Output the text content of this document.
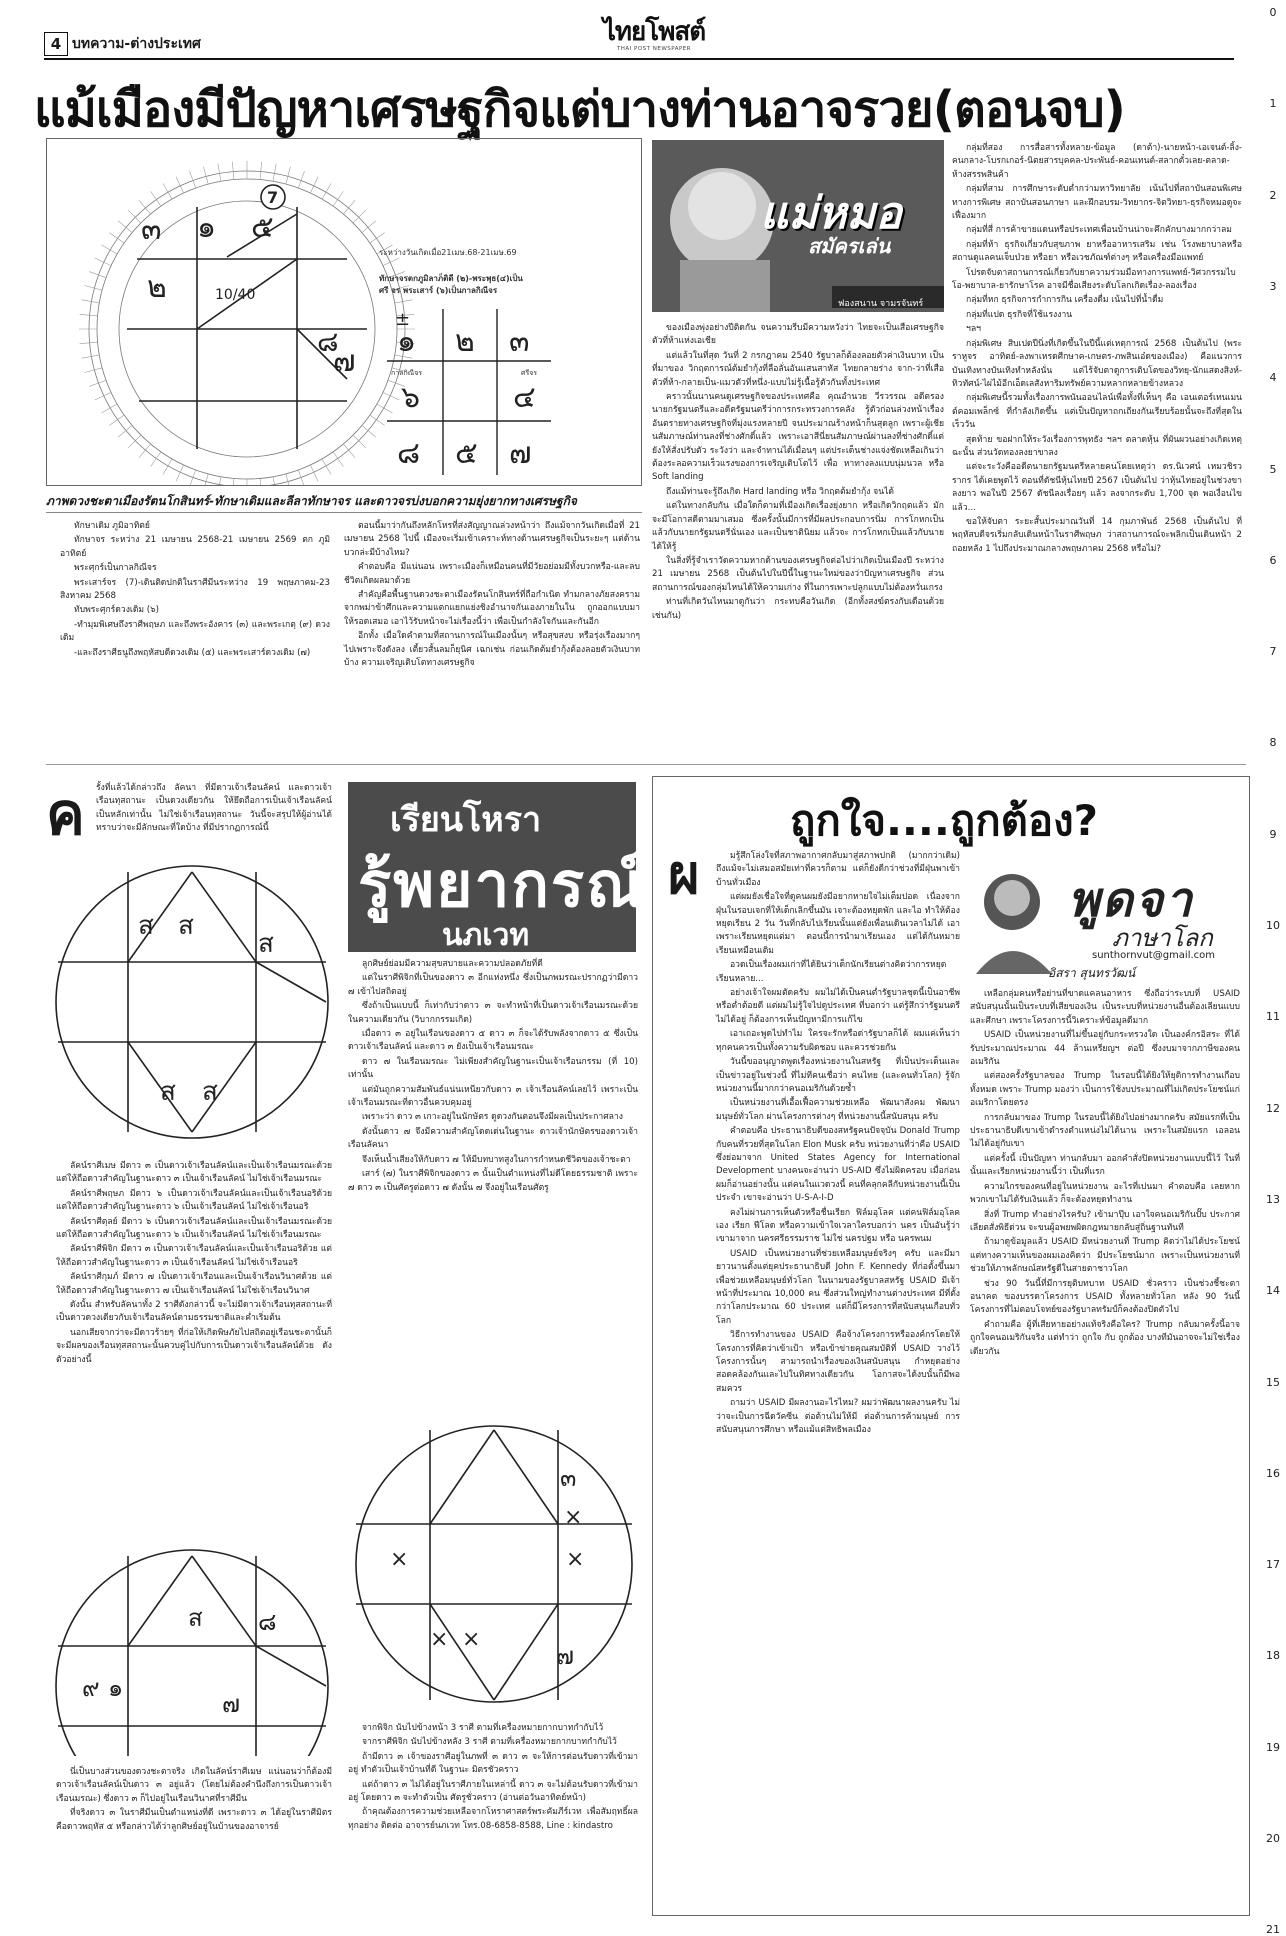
4 บทความ-ต่างประเทศ	ไทยโพสต์
THAI POST NEWSPAPER
แม้เมืองมีปัญหาเศรษฐกิจแต่บางท่านอาจรวย(ตอนจบ)
0
1
2
3
4
5
6
7
8
9
10
11
12
13
14
15
16
17
18
19
20
21
7
๓ ๑ ๕
๒	10/40
๗
๘
ระหว่างวันเกิดเมื่อ21เมษ.68-21เมษ.69
ทักษาจรตกภูมิลาภ็ติดี (๒)-พระพุธ(๔)เป็น
ศรี จร พระเสาร์ (๖)เป็นกาลกิณีจร
±
๑ ๒ ๓
กาลกิณีจร
๖
ศรีจร
๔
๘ ๕ ๗
ภาพดวงชะตาเมืองรัตนโกสินทร์-ทักษาเดิมและลีลาทักษาจร และดาวจรบ่งบอกความยุ่งยากทางเศรษฐกิจ

ทักษาเดิม ภูมิอาทิตย์

ทักษาจร ระหว่าง 21 เมษายน 2568-21 เมษายน 2569 ตก ภูมิอาทิตย์

พระศุกร์เป็นกาลกิณีจร

พระเสาร์จร (7)-เดินติดปกติในราศีมีนระหว่าง 19 พฤษภาคม-23 สิงหาคม 2568

ทับพระศุกร์ดวงเดิม (๖)

-ทำมุมพิเศษถึงราศีพฤษภ และถึงพระอังคาร (๓) และพระเกตุ (๙) ดวงเดิม

-และถึงราศีธนูถึงพฤหัสบดีดวงเดิม (๕) และพระเสาร์ดวงเดิม (๗)

ตอนนี้มาว่ากันถึงหลักโหรที่ส่งสัญญาณล่วงหน้าว่า ถึงแม้จากวันเกิดเมื่อที่ 21 เมษายน 2568 ไปนี้ เมืองจะเริ่มเข้าเคราะห์ทางด้านเศรษฐกิจเป็นระยะๆ แต่ด้านบวกล่ะมีบ้างไหม?

คำตอบคือ มีแน่นอน เพราะเมืองก็เหมือนคนที่มีวัยอย่อมมีทั้งบวกหรือ-และลบชีวิตเกิดผลมาด้วย

สำคัญคือพื้นฐานดวงชะตาเมืองรัตนโกสินทร์ที่ถือกำเนิด ทำมกลางภัยสงครามจากพม่าข้าศึกและความแตกแยกแย่งชิงอำนาจกันเองภายในใน ถูกออกแบบมาให้รอดเสมอ เอาไว้รับหน้าจะไม่เรื่องนี้ว่า เพื่อเป็นกำลังใจกันและกันอีก

อีกทั้ง เมื่อใดคำตามที่สถานการณ์ในเมืองนั้นๆ หรือสุขสงบ หรือรุ่งเรืองมากๆ ไปเพราะจึงดังลง เตี้ยวสั้นลมก็ยุนิศ เฉกเช่น ก่อนเกิดต้มยำกุ้งต้องลอยตัวเงินบาทบ้าง ความเจริญเติบโตทางเศรษฐกิจ

แม่หมอ
สมัครเล่น
ฟองสนาน จามรจันทร์

ของเมืองพุ่งอย่างปีติดกัน จนความรีบมีความหวังว่า ไทยจะเป็นเสือเศรษฐกิจตัวที่ห้าแห่งเอเชีย

แต่แล้วในที่สุด วันที่ 2 กรกฎาคม 2540 รัฐบาลก็ต้องลอยตัวค่าเงินบาท เป็นที่มาของ วิกฤตการณ์ต้มยำกุ้งที่ลือลั่นอันแสนสาหัส ไทยกลายร่าง จาก-ว่าที่เสือตัวที่ห้า-กลายเป็น-แมวตัวที่หนึ่ง-แบบไม่รู้เนื้อรู้ตัวกันทั้งประเทศ

คราวนั้นนานคนดูเศรษฐกิจของประเทศคือ คุณอำนวย วีรวรรณ อดีตรองนายกรัฐมนตรีและอดีตรัฐมนตรีว่าการกระทรวงการคลัง รู้ตัวก่อนล่วงหน้าเรื่องอันตรายทางเศรษฐกิจที่มุ่งแรงหลายปี จนประมาณร้างหน้าก็นสุดลูก เพราะผู้เชียนสัมภาษณ์ท่านลงที่ช่างศักดิ์แล้ว เพราะเอาสีนี่ยนสัมภาษณ์ผ่านลงที่ช่างศักดิ์แต่ยังให้สั่งปรับตัว ระวังว่า และจำทานได้เมื่อนๆ แต่ประเด็นช่างแจ่งชัดเหลือเกินว่า ต้องระลอความเร็วแรงของการเจริญเติบโตไว้ เพื่อ หาทางลงแบบนุ่มนวล หรือ Soft landing

ถึงแม้ท่านจะรู้ถึงเกิด Hard landing หรือ วิกฤตต้มยำกุ้ง จนได้

แต่ในทางกลับกัน เมื่อใดก็ตามที่เมืองเกิดเรื่องยุ่งยาก หรือเกิดวิกฤตแล้ว มักจะมีโอกาสดีตามมาเสมอ ซึ่งครั้งนั้นมีการที่มีผลประกอบการนิ่ม การโกหกเป็นแล้วกับนายกรัฐมนตรีนั่นเอง และเป็นชาตินิยม แล้วจะ การโกหกเป็นแล้วกับนาย ได้ให้รู้

ในสิ่งที่รู้จำเราวัดความหากด้านของเศรษฐกิจต่อไปว่าเกิดเป็นเมืองปี ระหว่าง 21 เมษายน 2568 เป็นต้นไปในปีนี้ในฐานะใหม่ของว่าปัญหาเศรษฐกิจ ส่วนสถานการณ์ของกลุ่มไหนได้ให้ความเก่าง ที่ในการเพาะปลูกแบบไม่ต้องหวั่นเกรง

ท่านที่เกิดวันไหนมาดูกันว่า กระทบคือวันเกิด (อีกทั้งสงฆ์ตรงกับเดือนด้วยเช่นกัน)

กลุ่มที่สอง การสื่อสารทั้งหลาย-ข้อมูล (ดาต้า)-นายหน้า-เอเจนต์-ลิ้ง-คนกลาง-โบรกเกอร์-นิตยสารบุคคล-ประพันธ์-คอนเทนต์-สลากตั๋วเลย-ตลาด-ห้างสรรพสินค้า

กลุ่มที่สาม การศึกษาระดับต่ำกว่ามหาวิทยาลัย เน้นไปที่สถาบันสอนพิเศษทางการพิเศษ สถาบันสอนภาษา และฝึกอบรม-วิทยากร-จิตวิทยา-ธุรกิจหมอดูจะเฟื่องมาก

กลุ่มที่สี่ การค้าขายแดนหรือประเทศเพื่อนบ้านน่าจะคึกคักบางมากกว่าลม

กลุ่มที่ห้า ธุรกิจเกี่ยวกับสุขภาพ ยาหรืออาหารเสริม เช่น โรงพยาบาลหรือสถานดูแลคนเจ็บป่วย หรือยา หรือเวชภัณฑ์ต่างๆ หรือเครื่องมือแพทย์

โปรดจับตาสถานการณ์เกี่ยวกับยาความร่วมมือทางการแพทย์-วิศวกรรมไบโอ-พยาบาล-ยารักษาโรค อาจมีชื่อเสียงระดับโลกเกิดเรื่อง-ลองเรื่อง

กลุ่มที่หก ธุรกิจการกำการกิน เครื่องดื่ม เน้นไปที่น้ำดื่ม

กลุ่มที่แปด ธุรกิจที่ใช้แรงงาน

ฯลฯ

กลุ่มพิเศษ สิบเปดปีนิ่งที่เกิดขึ้นในปีนี้แต่เหตุการณ์ 2568 เป็นต้นไป (พระราหูจร อาทิตย์-ลงพาเหรดศีกษาค-เกษตร-ภพสินเอ๋ดของเมือง) คือแนวการบันเทิงทางบันเทิงทำหลังนั่น แต่ไร้จับตาดูการเติบโตของวิทยุ-นักแสดงสิงห์-ทิวทัศน์-ไผ่ไม้อีกเอ็ดเลสังหาริมทรัพย์ความหลากหลายข้างหลวง

กลุ่มพิเศษนี้รวมทั้งเรื่องการพนันออนไลน์เพื่อทั้งที่เห็นๆ คือ เอนเตอร์เทนเมนต์คอมเพล็กซ์ ที่กำลังเกิดขึ้น แต่เป็นปัญหาถกเถียงกันเรียบร้อยนั้นจะถึงที่สุดในเร็ววัน

สุดท้าย ขอฝากให้ระวังเรื่องการพุทธัง ฯลฯ ตลาดหุ้น ที่ผันผวนอย่างเกิดเหตุ ฉะนั้น ส่วนวัดทองลงยาขาลง

แต่จะระวังคืออดีตนายกรัฐมนตรีหลายคนโดยเหตุว่า ดร.นิเวศน์ เหมวชิรวรากร ได้เคยพูดไว้ ตอนที่ดัชนีหุ้นไทยปี 2567 เป็นต้นไป ว่าหุ้นไทยอยู่ในช่วงขาลงยาว พอในปี 2567 ดัชนีลงเรื่อยๆ แล้ว ลงจากระดับ 1,700 จุด พอเงื่อนไขแล้ว...

ขอให้จับตา ระยะสั้นประมาณวันที่ 14 กุมภาพันธ์ 2568 เป็นต้นไป ที่พฤหัสบดีจรเริ่มกลับเดินหน้าในราศีพฤษภ ว่าสถานการณ์จะพลิกเป็นเดินหน้า 2 ถอยหลัง 1 ไปถึงประมาณกลางพฤษภาคม 2568 หรือไม่?

ค รั้งที่แล้วได้กล่าวถึง ลัคนา ที่มีดาวเจ้าเรือนลัคน์ และดาวเจ้าเรือนทุสถานะ เป็นดวงเดียวกัน ให้ยึดถือการเป็นเจ้าเรือนลัคน์เป็นหลักเท่านั้น ไม่ใช่เจ้าเรือนทุสถานะ วันนี้จะสรุปให้ผู้อ่านได้ทราบว่าจะมีลักษณะที่ใดบ้าง ที่มีปรากฏการณ์นี้	เรียนโหรา
รู้พยากรณ์
นภเวท
ส ส
ส
ส ส

ลัคน์ราศีเมษ มีดาว ๓ เป็นดาวเจ้าเรือนลัคน์และเป็นเจ้าเรือนมรณะด้วย แต่ให้ถือดาวสำคัญในฐานะดาว ๓ เป็นเจ้าเรือนลัคน์ ไม่ใช่เจ้าเรือนมรณะ

ลัคน์ราศีพฤษภ มีดาว ๖ เป็นดาวเจ้าเรือนลัคน์และเป็นเจ้าเรือนอริด้วย แต่ให้ถือดาวสำคัญในฐานะดาว ๖ เป็นเจ้าเรือนลัคน์ ไม่ใช่เจ้าเรือนอริ

ลัคน์ราศีตุลย์ มีดาว ๖ เป็นดาวเจ้าเรือนลัคน์และเป็นเจ้าเรือนมรณะด้วย แต่ให้ถือดาวสำคัญในฐานะดาว ๖ เป็นเจ้าเรือนลัคน์ ไม่ใช่เจ้าเรือนมรณะ

ลัคน์ราศีพิจิก มีดาว ๓ เป็นดาวเจ้าเรือนลัคน์และเป็นเจ้าเรือนอริด้วย แต่ให้ถือดาวสำคัญในฐานะดาว ๓ เป็นเจ้าเรือนลัคน์ ไม่ใช่เจ้าเรือนอริ

ลัคน์ราศีกุมภ์ มีดาว ๗ เป็นดาวเจ้าเรือนและเป็นเจ้าเรือนวินาศด้วย แต่ให้ถือดาวสำคัญในฐานะดาว ๗ เป็นเจ้าเรือนลัคน์ ไม่ใช่เจ้าเรือนวินาศ

ดังนั้น สำหรับลัคนาทั้ง 2 ราศีดังกล่าวนี้ จะไม่มีดาวเจ้าเรือนทุสสถานะที่เป็นดาวดวงเดียวกับเจ้าเรือนลัคน์ตามธรรมชาติและค่ำเริ่มต้น

นอกเสียจากว่าจะมีดาวร้ายๆ ที่ก่อให้เกิดพิษภัยไปสถิตอยู่เรือนชะตานั้นก็จะมีผลของเรือนทุสสถานะนั้นควบคู่ไปกับการเป็นดาวเจ้าเรือนลัคน์ด้วย ดังตัวอย่างนี้

ส
๙ ๑
๗
๘

นี่เป็นบางส่วนของดวงชะตาจริง เกิดในลัคน์ราศีเมษ แน่นอนว่าก็ต้องมีดาวเจ้าเรือนลัคน์เป็นดาว ๓ อยู่แล้ว (โดยไม่ต้องคำนึงถึงการเป็นดาวเจ้าเรือนมรณะ) ซึ่งดาว ๓ ก็ไปอยู่ในเรือนวินาศที่ราศีมีน

ที่จริงดาว ๓ ในราศีมีนเป็นตำแหน่งที่ดี เพราะดาว ๓ ได้อยู่ในราศีมิตร คือดาวพฤหัส ๕ หรือกล่าวได้ว่าลูกศิษย์อยู่ในบ้านของอาจารย์

ลูกศิษย์ย่อมมีความสุขสบายและความปลอดภัยที่ดี

แต่ในราศีพิจิกที่เป็นของดาว ๓ อีกแห่งหนึ่ง ซึ่งเป็นภพมรณะปรากฏว่ามีดาว ๗ เข้าไปสถิตอยู่

ซึ่งถ้าเป็นแบบนี้ ก็เท่ากับว่าดาว ๓ จะทำหน้าที่เป็นดาวเจ้าเรือนมรณะด้วยในความเดียวกัน (วิบากกรรมเกิด)

เมื่อดาว ๓ อยู่ในเรือนของดาว ๕ ดาว ๓ ก็จะได้รับพลังจากดาว ๕ ซึ่งเป็นดาวเจ้าเรือนลัคน์ และดาว ๓ ยังเป็นเจ้าเรือนมรณะ

ดาว ๗ ในเรือนมรณะ ไม่เพียงสำคัญในฐานะเป็นเจ้าเรือนกรรม (ที่ 10) เท่านั้น

แต่มันถูกความสัมพันธ์แน่นเหนียวกับดาว ๓ เจ้าเรือนลัคน์เลยไว้ เพราะเป็นเจ้าเรือนมรณะที่ดาวอื่นควบคุมอยู่

เพราะว่า ดาว ๓ เกาะอยู่ในนักษัตร ดูดวงกันตอนจึงมีผลเป็นประกาศลาง

ดังนั้นดาว ๗ จึงมีความสำคัญโดดเด่นในฐานะ ดาวเจ้านักษัตรของดาวเจ้าเรือนลัคนา

จึงเห็นน้ำเสียงให้กับดาว ๗ ให้มีบทบาทสูงในการกำหนดชีวิตของเจ้าชะตา

เสาร์ (๗) ในราศีพิจิกของดาว ๓ นั้นเป็นตำแหน่งที่ไม่ดีโดยธรรมชาติ เพราะ ๗ ดาว ๓ เป็นศัตรูต่อดาว ๗ ดังนั้น ๗ จึงอยู่ในเรือนศัตรู

๓
×
×
×
× ×
๗

จากพิจิก นับไปข้างหน้า 3 ราศี ตามที่เครื่องหมายกากบาทกำกับไว้

จากราศีพิจิก นับไปข้างหลัง 3 ราศี ตามที่เครื่องหมายกากบาทกำกับไว้

ถ้ามีดาว ๓ เจ้าของราศีอยู่ในภพที่ ๓ ดาว ๓ จะให้การต่อนรับดาวที่เข้ามาอยู่ ทำตัวเป็นเจ้าบ้านที่ดี ในฐานะ มิตรชัวคราว

แต่ถ้าดาว ๓ ไม่ได้อยู่ในราศีภายในเหล่านี้ ดาว ๓ จะไม่ต้อนรับดาวที่เข้ามาอยู่ โดยดาว ๓ จะทำตัวเป็น ศัตรูชั่วคราว (อ่านต่อวันอาทิตย์หน้า)

ถ้าคุณต้องการความช่วยเหลือจากโหราศาสตร์พระคัมภีร์เวท เพื่อสัมฤทธิ์ผลทุกอย่าง ติดต่อ อาจารย์นภเวท โทร.08-6858-8588, Line : kindastro

ถูกใจ....ถูกต้อง?
ผ	พูดจา
ภาษาโลก
sunthornvut@gmail.com
อิสรา สุนทรวัฒน์

มรู้สึกโล่งใจที่สภาพอากาศกลับมาสู่สภาพปกติ (มากกว่าเดิม) ถึงแม้จะไม่เสมอสมัยเท่าที่ควรก็ตาม แต่ก็ยังดีกว่าช่วงที่มีฝุ่นพาเข้าบ้านทั่วเมือง

แต่ผมยังเชื่อใจที่ดูคนผมยังมีอยากหายใจไม่เต็มปอด เนื่องจากฝุ่นในรอบเจกที่ให้เด็กเลิกขึ้นมัน เจาะต้องหยุดพัก และไอ ทำให้ต้องหยุดเรียน 2 วัน วันที่กลับไปเรียนนั้นแต่ยังเพื่อนเดินเวลาไม่ได้ เอาเพราะเรียนหยุดแต่มา ตอนนี้การนำมาเรียนเอง แต่ได้กันหมายเรียนเหมือนเดิม

อวดเป็นเรื่องผมเก่าที่ได้ยินว่าเด็กนักเรียนต่างคิดว่าการหยุดเรียนหลาย...

อย่างเจ้าใจผมตัดครับ ผมไม่ได้เป็นคนต่ำรัฐบาลชุดนี้เป็นอาชีพ หรือต่ำต้อยดี แต่ผมไม่รู้ใจไปดูประเทศ ที่บอกว่า แต่รู้สึกว่ารัฐมนตรีไม่ได้อยู่ ก็ต้องการเห็นปัญหามีการแก้ไข

เอาเถอะพูดไปทำไม ใครจะรักหรือด่ารัฐบาลก็ได้ ผมแค่เห็นว่า ทุกคนควรเป็นทั้งความรับผิดชอบ และควรช่วยกัน

วันนี้ขออนุญาตพูดเรื่องหน่วยงานในสหรัฐ ที่เป็นประเด็นและเป็นข่าวอยู่ในช่วงนี้ ที่ไม่ทีคนเชื่อว่า คนไทย (และคนทั่วโลก) รู้จักหน่วยงานนี้มากกว่าคนอเมริกันด้วยซ้ำ

เป็นหน่วยงานที่เอื้อเฟื้อความช่วยเหลือ พัฒนาสังคม พัฒนามนุษย์ทั่วโลก ผ่านโครงการต่างๆ ที่หน่วยงานนี้สนับสนุน ครับ

คำตอบคือ ประธานาธิบดีของสหรัฐคนปัจจุบัน Donald Trump กับคนที่รวยที่สุดในโลก Elon Musk ครับ หน่วยงานที่ว่าคือ USAID ซึ่งย่อมาจาก United States Agency for International Development บางคนจะอ่านว่า US-AID ซึ่งไม่ผิดครอบ เมื่อก่อนผมก็อ่านอย่างนั้น แต่คนในแวดวงนี้ คนที่คลุกคลีกับหน่วยงานนี้เป็นประจำ เขาจะอ่านว่า U-S-A-I-D

คงไม่ผ่านการเห็นตัวหรือชื่นเรียก ฟิล์มอุโลค แต่คนฟิล์มอุโลค เอง เรียก ฟีโลด หรือความเข้าใจเวลาใครบอกว่า นคร เป็นอันรู้ว่าเขามาจาก นครศรีธรรมราช ไม่ใช่ นครปฐม หรือ นครพนม

USAID เป็นหน่วยงานที่ช่วยเหลือมนุษย์จริงๆ ครับ และมีมายาวนานตั้งแต่ยุคประธานาธิบดี John F. Kennedy ที่ก่อตั้งขึ้นมาเพื่อช่วยเหลือมนุษย์ทั่วโลก ในนามของรัฐบาลสหรัฐ USAID มีเจ้าหน้าที่ประมาณ 10,000 คน ซึ่งส่วนใหญ่ทำงานต่างประเทศ มีที่ตั้งกว่าโลกประมาณ 60 ประเทศ แต่ก็มีโครงการที่สนับสนุนเกือบทั่วโลก

วิธีการทำงานของ USAID คือจ้างโครงการหรือองค์กรโดยให้โครงการที่คิดว่าเข้าเป้า หรือเข้าข่ายคุณสมบัติที่ USAID วางไว้ โครงการนั้นๆ สามารถนำเรื่องของเงินสนับสนุน กำหยุดอย่างสอดคล้องกันและไปในทิศทางเดียวกัน โอกาสจะได้งบนั้นก็มีพอสมควร

ถามว่า USAID มีผลงานอะไรไหม? ผมว่าพัฒนาผลงานครับ ไม่ว่าจะเป็นการฉีดวัคซีน ต่อต้านไม่ให้มี ต่อต้านการค้ามนุษย์ การสนับสนุนการศึกษา หรือแม้แต่สิทธิพลเมือง

เหลือกลุ่มคนหรือย่านที่ขาดแคลนอาหาร ซึ่งถือว่าระบบที่ USAID สนับสนุนนั้นเป็นระบบที่เสียของเงิน เป็นระบบที่หน่วยงานอื่นต้องเลียนแบบและศึกษา เพราะโครงการนี้วิเคราะห์ข้อมูลดีมาก

USAID เป็นหน่วยงานที่ไม่ขึ้นอยู่กับกระทรวงใด เป็นองค์กรอิสระ ที่ได้รับประมาณประมาณ 44 ล้านเหรียญฯ ต่อปี ซึ่งงบมาจากภาษีของคนอเมริกัน

แต่สองครั้งรัฐบาลของ Trump ในรอบนี้ได้ยิงให้ยุติการทำงานเกือบทั้งหมด เพราะ Trump มองว่า เป็นการใช้งบประมาณที่ไม่เกิดประโยชน์แก่อเมริกาโดยตรง

การกลับมาของ Trump ในรอบนี้ได้ยิงไปอย่างมากครับ สมัยแรกที่เป็นประธานาธิบดีเขาเข้าดำรงตำแหน่งไม่ได้นาน เพราะในสมัยแรก เอลอนไม่ได้อยู่กับเขา

แต่ครั้งนี้ เป็นปัญหา ท่านกลับมา ออกคำสั่งปิดหน่วยงานแบบนี้ไว้ ในที่นั้นและเรียกหน่วยงานนี้ว่า เป็นที่แรก

ความไกรของคนที่อยู่ในหน่วยงาน อะไรที่เปนมา คำตอบคือ เลยหากพวกเขาไม่ได้รับเงินแล้ว ก็จะต้องหยุดทำงาน

สิ่งที่ Trump ทำอย่างไรครับ? เข้ามาปุ๊บ เอาใจคนอเมริกันปั๊บ ประกาศ เลียตสั่งพิธีด่วน จะขนผู้อพยพผิดกฎหมายกลับสู่ถิ่นฐานทันที

ถ้ามาดูข้อมูลแล้ว USAID มีหน่วยงานที่ Trump คิดว่าไม่ได้ประโยชน์ แต่ทางความเห็นของผมเองคิดว่า มีประโยชน์มาก เพราะเป็นหน่วยงานที่ช่วยให้ภาพลักษณ์สหรัฐดีในสายตาชาวโลก

ช่วง 90 วันนี้ที่มีการยุติบทบาท USAID ชั่วคราว เป็นช่วงชี้ชะตา อนาคต ของบรรดาโครงการ USAID ทั้งหลายทั่วโลก หลัง 90 วันนี้ โครงการที่ไม่ตอบโจทย์ของรัฐบาลทรัมป์ก็คงต้องปิดตัวไป

คำถามคือ ผู้ที่เสียหายอย่างแท้จริงคือใคร? Trump กลับมาครั้งนี้อาจถูกใจคนอเมริกันจริง แต่ทำว่า ถูกใจ กับ ถูกต้อง บางทีมันอาจจะไม่ใช่เรื่องเดียวกัน
